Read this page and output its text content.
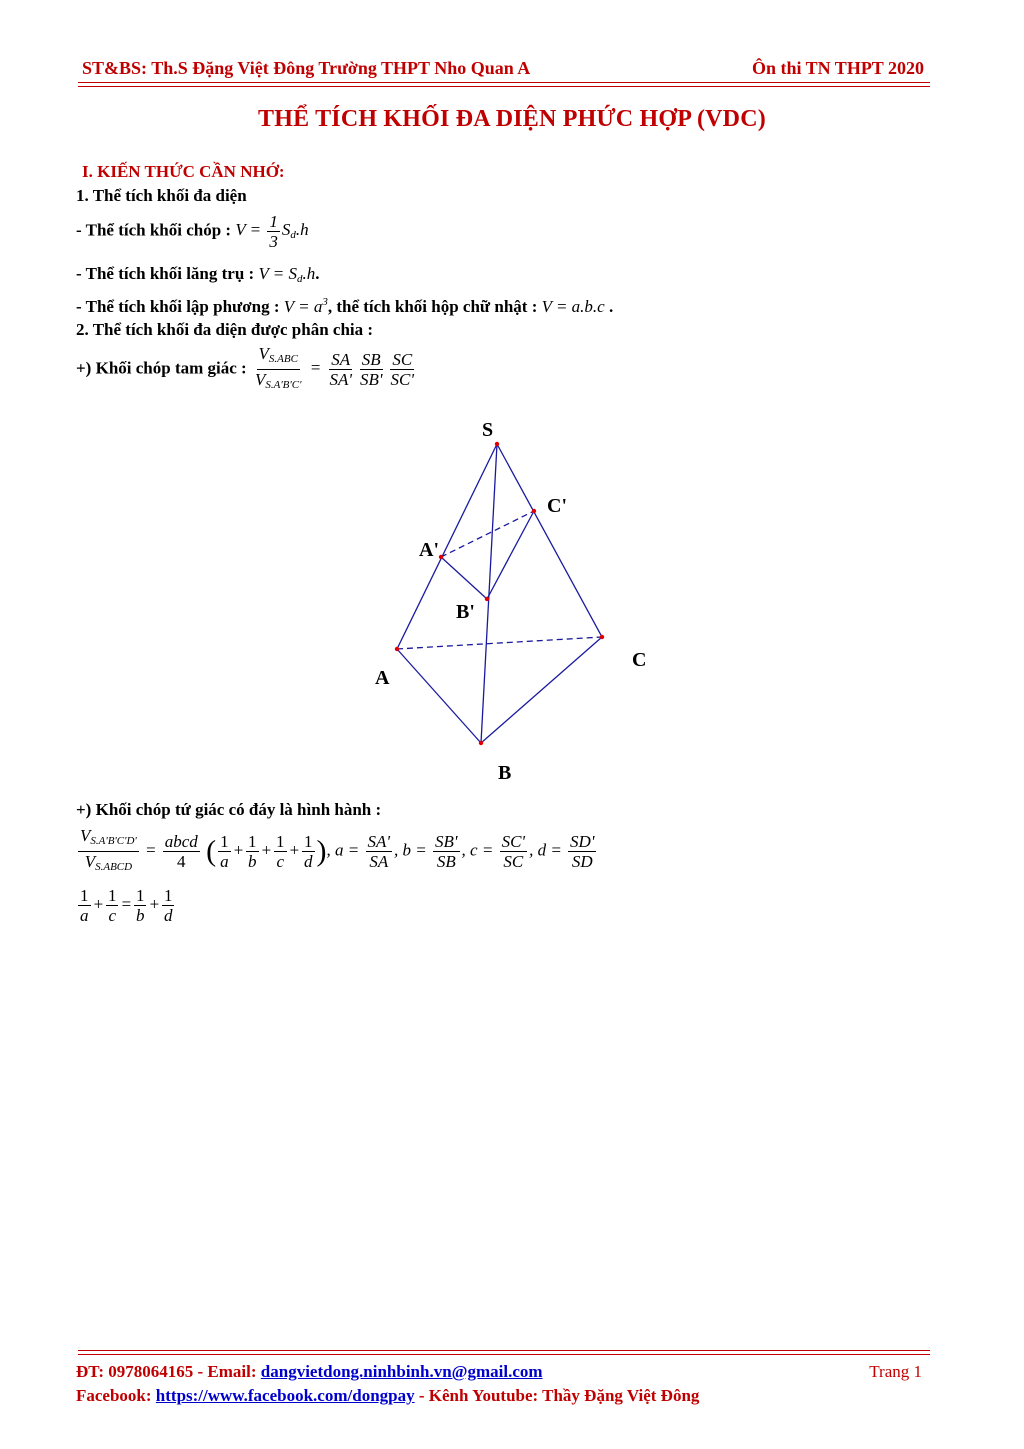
ST&BS: Th.S Đặng Việt Đông Trường THPT Nho Quan A	Ôn thi TN THPT 2020
THỂ TÍCH KHỐI ĐA DIỆN PHỨC HỢP (VDC)
I. KIẾN THỨC CẦN NHỚ:
1. Thể tích khối đa diện
- Thể tích khối chóp : $V = \frac{1}{3} S_d.h$
- Thể tích khối lăng trụ : $V = S_d.h$.
- Thể tích khối lập phương : $V = a^3$, thể tích khối hộp chữ nhật : V = a.b.c .
2. Thể tích khối đa diện được phân chia :
+) Khối chóp tam giác : $\frac{V_{S.ABC}}{V_{S.A'B'C'}} = \frac{SA}{SA'} \frac{SB}{SB'} \frac{SC}{SC'}$
S
C'
A'
B'
C
A
B
+) Khối chóp tứ giác có đáy là hình hành :
$\frac{V_{S.A'B'C'D'}}{V_{S.ABCD}} = \frac{\text{abcd}}{4}$ ( $\frac{1}{a} + \frac{1}{b} + \frac{1}{c} + \frac{1}{d}$ ), $a = \frac{SA'}{SA}$ , $b = \frac{SB'}{SB}$ , $c = \frac{SC'}{SC}$ , $d = \frac{SD'}{SD}$
$\frac{1}{a} + \frac{1}{c} = \frac{1}{b} + \frac{1}{d}$
ĐT: 0978064165 - Email: dangvietdong.ninhbinh.vn@gmail.com	Trang 1
Facebook: https://www.facebook.com/dongpay - Kênh Youtube: Thầy Đặng Việt Đông
